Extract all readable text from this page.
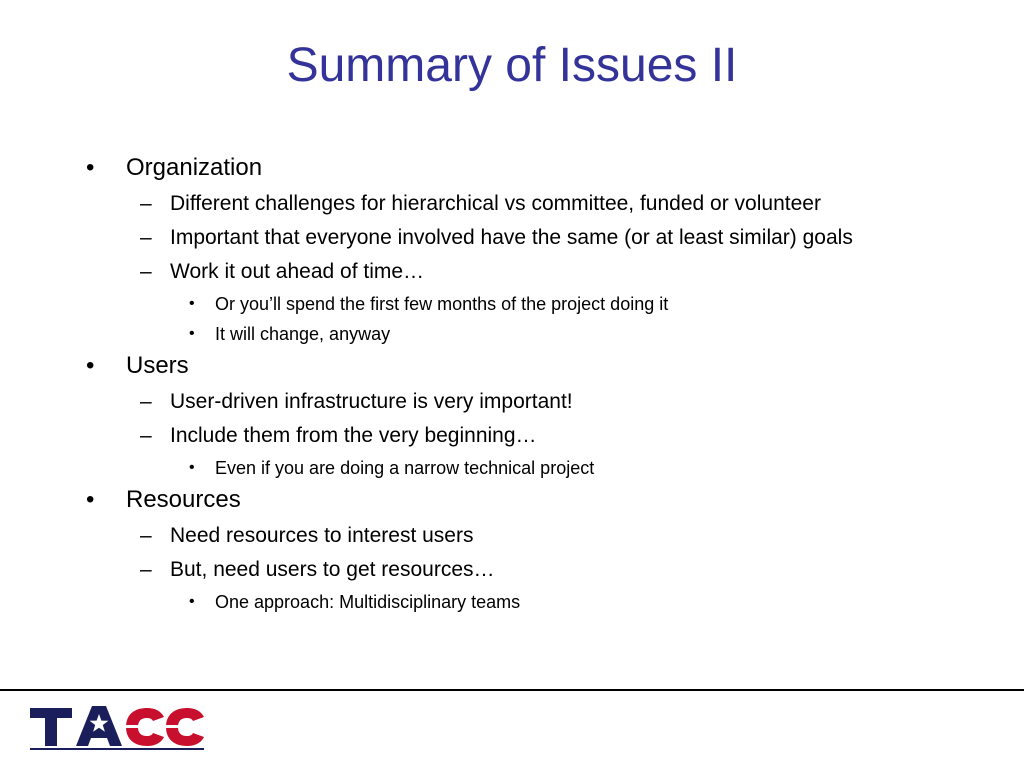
Summary of Issues II
• Organization
– Different challenges for hierarchical vs committee, funded or volunteer
– Important that everyone involved have the same (or at least similar) goals
– Work it out ahead of time…
• Or you’ll spend the first few months of the project doing it
• It will change, anyway
• Users
– User-driven infrastructure is very important!
– Include them from the very beginning…
• Even if you are doing a narrow technical project
• Resources
– Need resources to interest users
– But, need users to get resources…
• One approach: Multidisciplinary teams
